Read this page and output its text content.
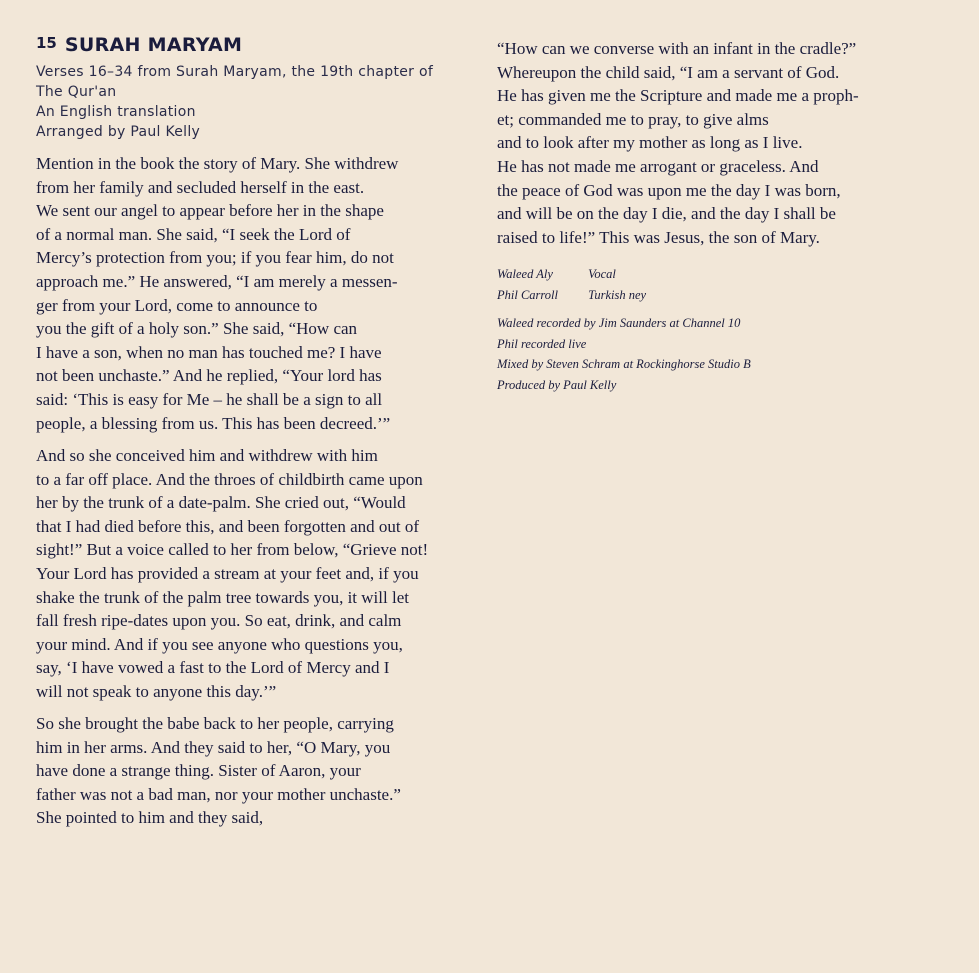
15 SURAH MARYAM
Verses 16–34 from Surah Maryam, the 19th chapter of
The Qur'an
An English translation
Arranged by Paul Kelly
Mention in the book the story of Mary. She withdrew
from her family and secluded herself in the east.
We sent our angel to appear before her in the shape
of a normal man. She said, “I seek the Lord of
Mercy’s protection from you; if you fear him, do not
approach me.” He answered, “I am merely a messen-
ger from your Lord, come to announce to
you the gift of a holy son.” She said, “How can
I have a son, when no man has touched me? I have
not been unchaste.” And he replied, “Your lord has
said: ‘This is easy for Me – he shall be a sign to all
people, a blessing from us. This has been decreed.’”
And so she conceived him and withdrew with him
to a far off place. And the throes of childbirth came upon
her by the trunk of a date-palm. She cried out, “Would
that I had died before this, and been forgotten and out of
sight!” But a voice called to her from below, “Grieve not!
Your Lord has provided a stream at your feet and, if you
shake the trunk of the palm tree towards you, it will let
fall fresh ripe-dates upon you. So eat, drink, and calm
your mind. And if you see anyone who questions you,
say, ‘I have vowed a fast to the Lord of Mercy and I
will not speak to anyone this day.’”
So she brought the babe back to her people, carrying
him in her arms. And they said to her, “O Mary, you
have done a strange thing. Sister of Aaron, your
father was not a bad man, nor your mother unchaste.”
She pointed to him and they said,
“How can we converse with an infant in the cradle?”
Whereupon the child said, “I am a servant of God.
He has given me the Scripture and made me a proph-
et; commanded me to pray, to give alms
and to look after my mother as long as I live.
He has not made me arrogant or graceless. And
the peace of God was upon me the day I was born,
and will be on the day I die, and the day I shall be
raised to life!” This was Jesus, the son of Mary.
Waleed Aly	Vocal
Phil Carroll Turkish ney
Waleed recorded by Jim Saunders at Channel 10
Phil recorded live
Mixed by Steven Schram at Rockinghorse Studio B
Produced by Paul Kelly
